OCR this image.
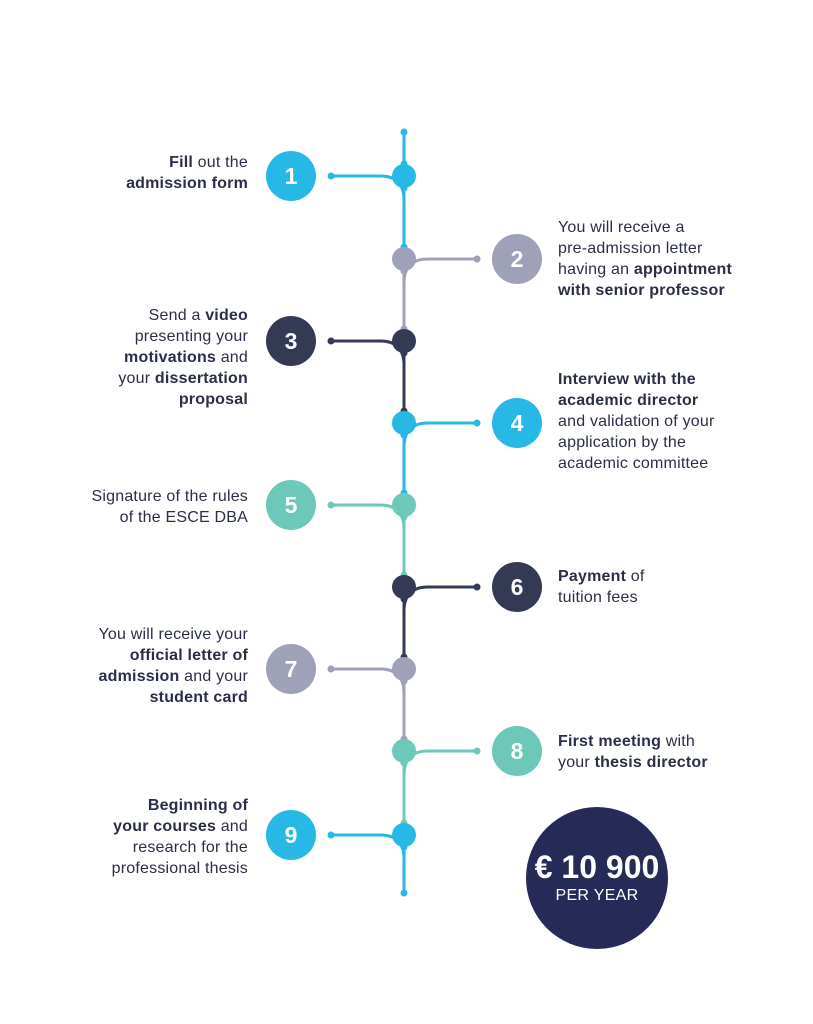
€ 10 900
PER YEAR
1
Fill out the
admission form
2
You will receive a
pre-admission letter
having an appointment
with senior professor
3
Send a video
presenting your
motivations and
your dissertation
proposal
4
Interview with the
academic director
and validation of your
application by the
academic committee
5
Signature of the rules
of the ESCE DBA
6	Payment of
tuition fees
7
You will receive your
official letter of
admission and your
student card
8	First meeting with
your thesis director
9
Beginning of
your courses and
research for the
professional thesis
